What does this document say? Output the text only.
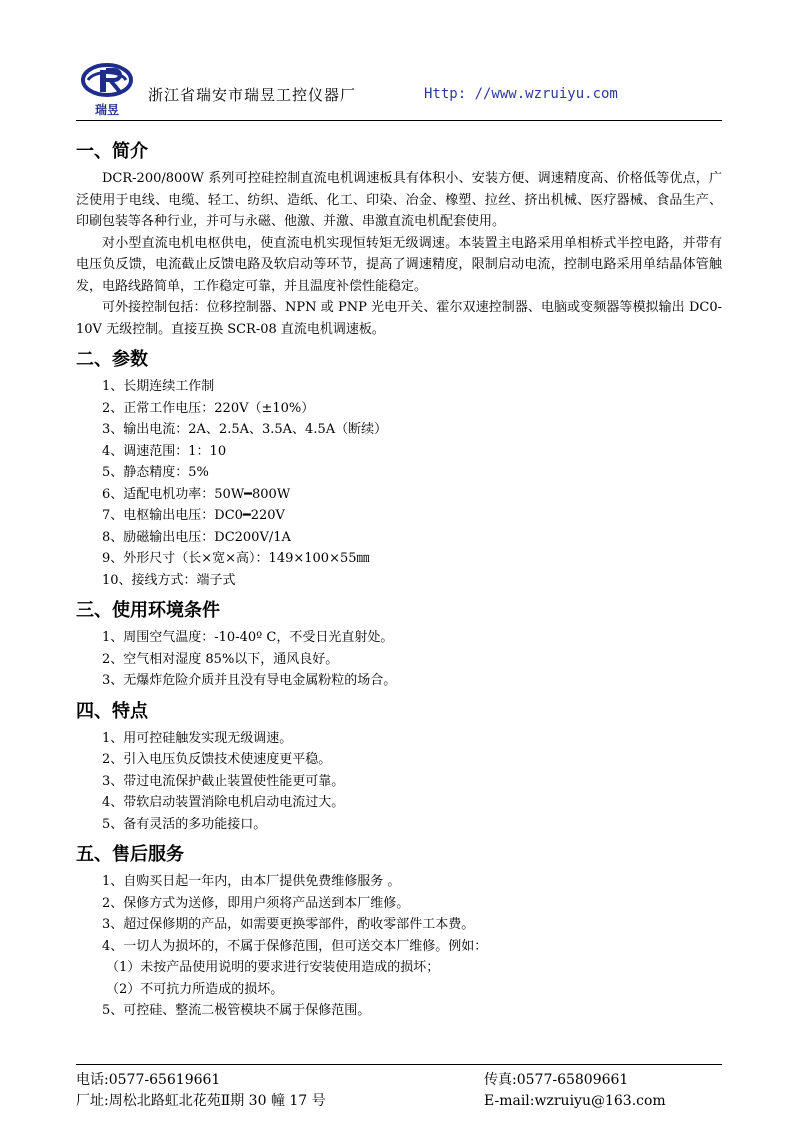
瑞昱
浙江省瑞安市瑞昱工控仪器厂	Http: //www.wzruiyu.com
一、简介

DCR-200/800W 系列可控硅控制直流电机调速板具有体积小、安装方便、调速精度高、价格低等优点，广泛使用于电线、电缆、轻工、纺织、造纸、化工、印染、冶金、橡塑、拉丝、挤出机械、医疗器械、食品生产、印刷包装等各种行业，并可与永磁、他激、并激、串激直流电机配套使用。

对小型直流电机电枢供电，使直流电机实现恒转矩无级调速。本装置主电路采用单相桥式半控电路，并带有电压负反馈，电流截止反馈电路及软启动等环节，提高了调速精度，限制启动电流，控制电路采用单结晶体管触发，电路线路简单，工作稳定可靠，并且温度补偿性能稳定。

可外接控制包括：位移控制器、NPN 或 PNP 光电开关、霍尔双速控制器、电脑或变频器等模拟输出 DC0-10V 无级控制。直接互换 SCR-08 直流电机调速板。

二、参数
1、长期连续工作制
2、正常工作电压：220V（±10%）
3、输出电流：2A、2.5A、3.5A、4.5A（断续）
4、调速范围：1：10
5、静态精度：5%
6、适配电机功率：50W━800W
7、电枢输出电压：DC0━220V
8、励磁输出电压：DC200V/1A
9、外形尺寸（长×宽×高）：149×100×55㎜
10、接线方式：端子式
三、使用环境条件
1、周围空气温度：-10-40º C，不受日光直射处。
2、空气相对湿度 85%以下，通风良好。
3、无爆炸危险介质并且没有导电金属粉粒的场合。
四、特点
1、用可控硅触发实现无级调速。
2、引入电压负反馈技术使速度更平稳。
3、带过电流保护截止装置使性能更可靠。
4、带软启动装置消除电机启动电流过大。
5、备有灵活的多功能接口。
五、售后服务
1、自购买日起一年内，由本厂提供免费维修服务 。
2、保修方式为送修，即用户须将产品送到本厂维修。
3、超过保修期的产品，如需要更换零部件，酌收零部件工本费。
4、一切人为损坏的，不属于保修范围，但可送交本厂维修。例如：
（1）未按产品使用说明的要求进行安装使用造成的损坏；
（2）不可抗力所造成的损坏。
5、可控硅、整流二极管模块不属于保修范围。
电话:0577-65619661
厂址:周松北路虹北花苑Ⅱ期 30 幢 17 号
传真:0577-65809661
E-mail:wzruiyu@163.com
